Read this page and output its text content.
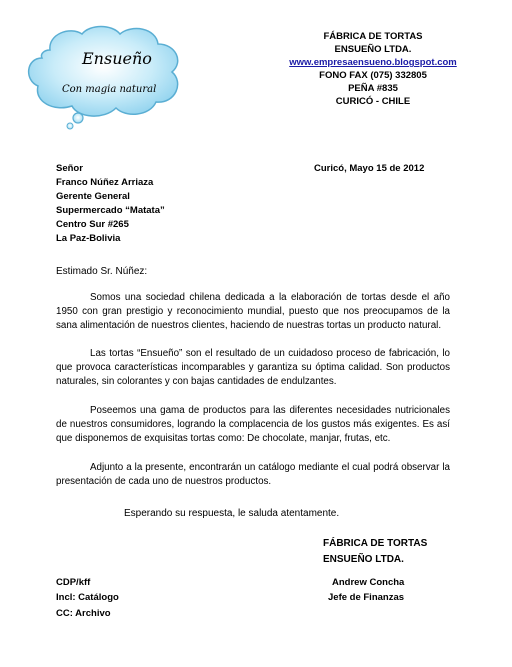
Ensueño
Con magia natural
FÁBRICA DE TORTAS
ENSUEÑO LTDA.
www.empresaensueno.blogspot.com
FONO FAX (075) 332805
PEÑA #835
CURICÓ - CHILE
Señor
Franco Núñez Arriaza
Gerente General
Supermercado “Matata”
Centro Sur #265
La Paz-Bolivia
Curicó, Mayo 15 de 2012
Estimado Sr. Núñez:
Somos una sociedad chilena dedicada a la elaboración de tortas desde el año 1950 con gran prestigio y reconocimiento mundial, puesto que nos preocupamos de la sana alimentación de nuestros clientes, haciendo de nuestras tortas un producto natural.
Las tortas “Ensueño” son el resultado de un cuidadoso proceso de fabricación, lo que provoca características incomparables y garantiza su óptima calidad. Son productos naturales, sin colorantes y con bajas cantidades de endulzantes.
Poseemos una gama de productos para las diferentes necesidades nutricionales de nuestros consumidores, logrando la complacencia de los gustos más exigentes. Es así que disponemos de exquisitas tortas como: De chocolate, manjar, frutas, etc.
Adjunto a la presente, encontrarán un catálogo mediante el cual podrá observar la presentación de cada uno de nuestros productos.
Esperando su respuesta, le saluda atentamente.
FÁBRICA DE TORTAS
ENSUEÑO LTDA.
CDP/kff
Incl: Catálogo
CC: Archivo
Andrew Concha
Jefe de Finanzas
